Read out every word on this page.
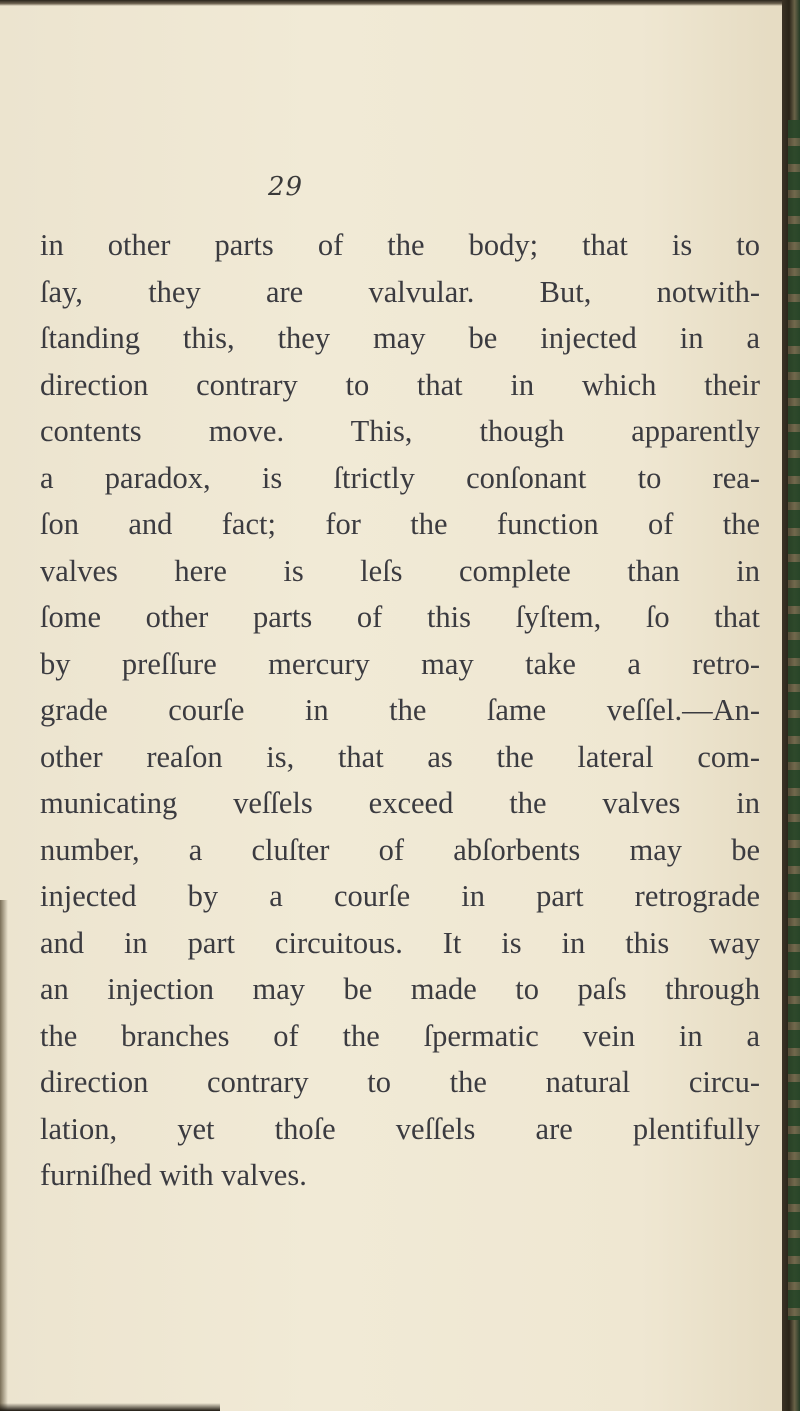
29
in other parts of the body; that is to
ſay, they are valvular. But, notwith-
ſtanding this, they may be injected in a
direction contrary to that in which their
contents move. This, though apparently
a paradox, is ſtrictly conſonant to rea-
ſon and fact; for the function of the
valves here is leſs complete than in
ſome other parts of this ſyſtem, ſo that
by preſſure mercury may take a retro-
grade courſe in the ſame veſſel.—An-
other reaſon is, that as the lateral com-
municating veſſels exceed the valves in
number, a cluſter of abſorbents may be
injected by a courſe in part retrograde
and in part circuitous. It is in this way
an injection may be made to paſs through
the branches of the ſpermatic vein in a
direction contrary to the natural circu-
lation, yet thoſe veſſels are plentifully
furniſhed with valves.
